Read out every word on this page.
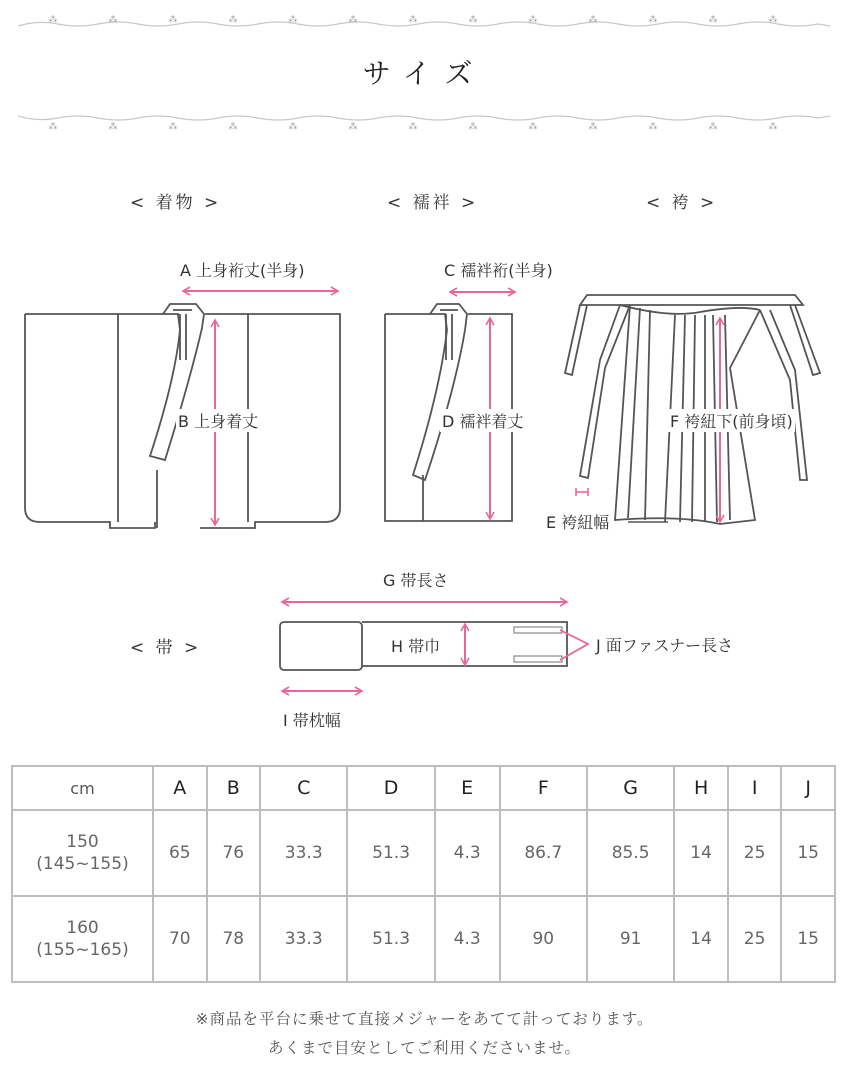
⁂	⁂	⁂	⁂	⁂	⁂	⁂	⁂	⁂	⁂	⁂	⁂	⁂
サイズ
⁂	⁂	⁂	⁂	⁂	⁂	⁂	⁂	⁂	⁂	⁂	⁂	⁂
< 着物 >	< 襦袢 >	< 袴 >
< 帯 >
A 上身裄丈(半身)
B 上身着丈
C 襦袢裄(半身)
D 襦袢着丈
E 袴紐幅
F 袴紐下(前身頃)
G 帯長さ
H 帯巾
I 帯枕幅
J 面ファスナー長さ
cm	A	B	C	D	E	F	G	H	I	J

150
(145~155)	65	76	33.3	51.3	4.3	86.7	85.5	14	25	15

160
(155~165)	70	78	33.3	51.3	4.3	90	91	14	25	15
※商品を平台に乗せて直接メジャーをあてて計っております。
あくまで目安としてご利用くださいませ。
